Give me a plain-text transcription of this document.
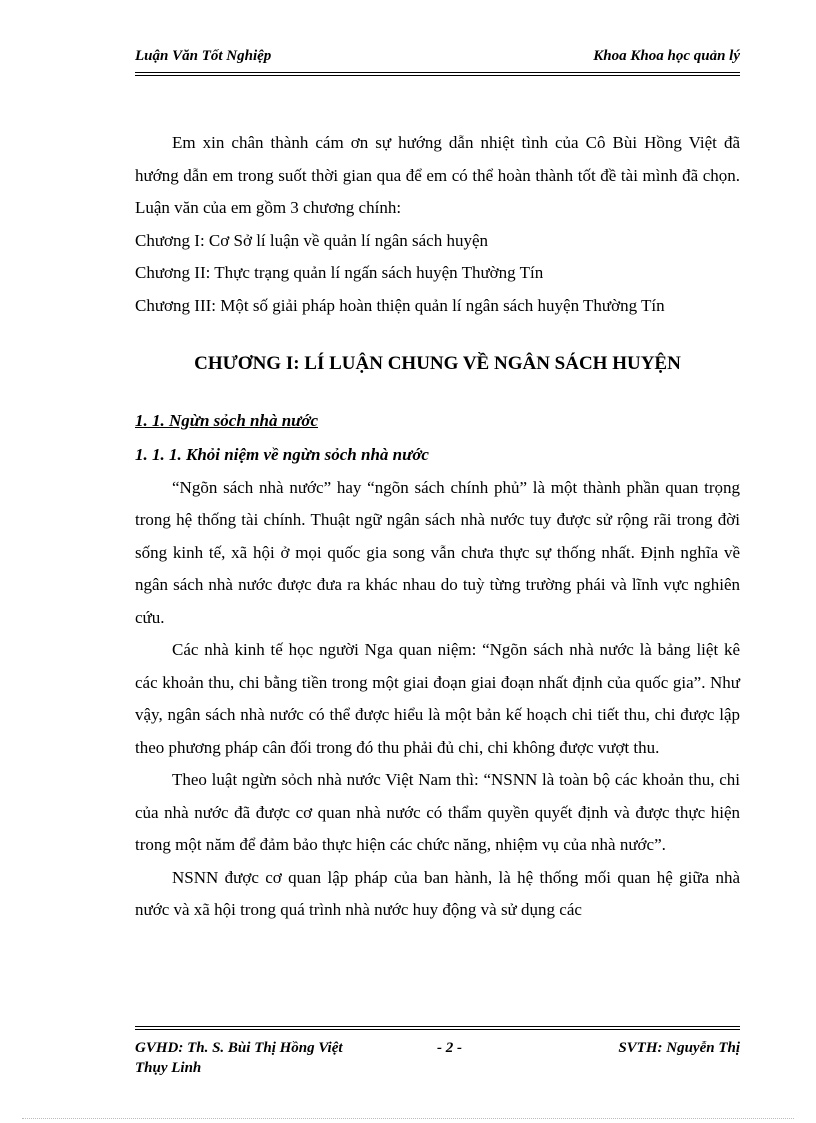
Luận Văn Tốt Nghiệp	Khoa Khoa học quản lý

Em xin chân thành cám ơn sự hướng dẫn nhiệt tình của Cô Bùi Hồng Việt đã hướng dẫn em trong suốt thời gian qua để em có thể hoàn thành tốt đề tài mình đã chọn. Luận văn của em gồm 3 chương chính:

Chương I: Cơ Sở lí luận về quản lí ngân sách huyện

Chương II: Thực trạng quản lí ngấn sách huyện Thường Tín

Chương III: Một số giải pháp hoàn thiện quản lí ngân sách huyện Thường Tín

CHƯƠNG I: LÍ LUẬN CHUNG VỀ NGÂN SÁCH HUYỆN

1. 1. Ngừn sỏch nhà nước

1. 1. 1. Khỏi niệm về ngừn sỏch nhà nước

“Ngõn sách nhà nước” hay “ngõn sách chính phủ” là một thành phần quan trọng trong hệ thống tài chính. Thuật ngữ ngân sách nhà nước tuy được sử rộng rãi trong đời sống kinh tế, xã hội ở mọi quốc gia song vẫn chưa thực sự thống nhất. Định nghĩa về ngân sách nhà nước được đưa ra khác nhau do tuỳ từng trường phái và lĩnh vực nghiên cứu.

Các nhà kinh tế học người Nga quan niệm: “Ngõn sách nhà nước là bảng liệt kê các khoản thu, chi bằng tiền trong một giai đoạn giai đoạn nhất định của quốc gia”. Như vậy, ngân sách nhà nước có thể được hiểu là một bản kế hoạch chi tiết thu, chi được lập theo phương pháp cân đối trong đó thu phải đủ chi, chi không được vượt thu.

Theo luật ngừn sỏch nhà nước Việt Nam thì: “NSNN là toàn bộ các khoản thu, chi của nhà nước đã được cơ quan nhà nước có thẩm quyền quyết định và được thực hiện trong một năm để đảm bảo thực hiện các chức năng, nhiệm vụ của nhà nước”.

NSNN được cơ quan lập pháp của ban hành, là hệ thống mối quan hệ giữa nhà nước và xã hội trong quá trình nhà nước huy động và sử dụng các

GVHD: Th. S. Bùi Thị Hồng Việt
Thụy Linh
- 2 -	SVTH: Nguyễn Thị
